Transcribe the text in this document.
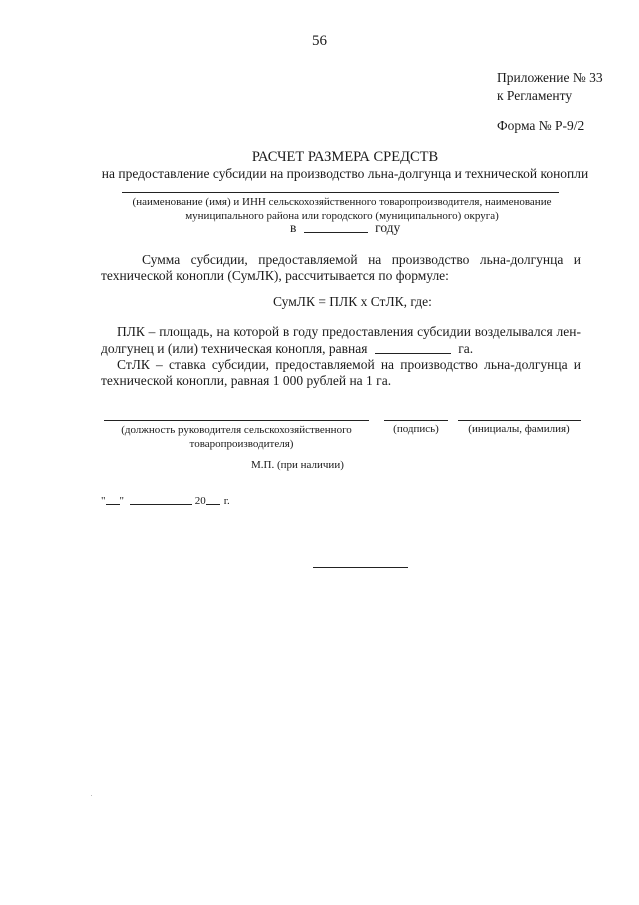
56
Приложение № 33
к Регламенту
Форма № Р-9/2
РАСЧЕТ РАЗМЕРА СРЕДСТВ
на предоставление субсидии на производство льна-долгунца и технической конопли
(наименование (имя) и ИНН сельскохозяйственного товаропроизводителя, наименование
муниципального района или городского (муниципального) округа)
в	году
Сумма субсидии, предоставляемой на производство льна-долгунца и
технической конопли (СумЛК), рассчитывается по формуле:
СумЛК = ПЛК х СтЛК, где:
ПЛК – площадь, на которой в году предоставления субсидии возделывался лен-
долгунец и (или) техническая конопля, равная	га.
СтЛК – ставка субсидии, предоставляемой на производство льна-долгунца и
технической конопли, равная 1 000 рублей на 1 га.
(должность руководителя сельскохозяйственного
товаропроизводителя)
(подпись)	(инициалы, фамилия)
М.П. (при наличии)
" "	20 г.
